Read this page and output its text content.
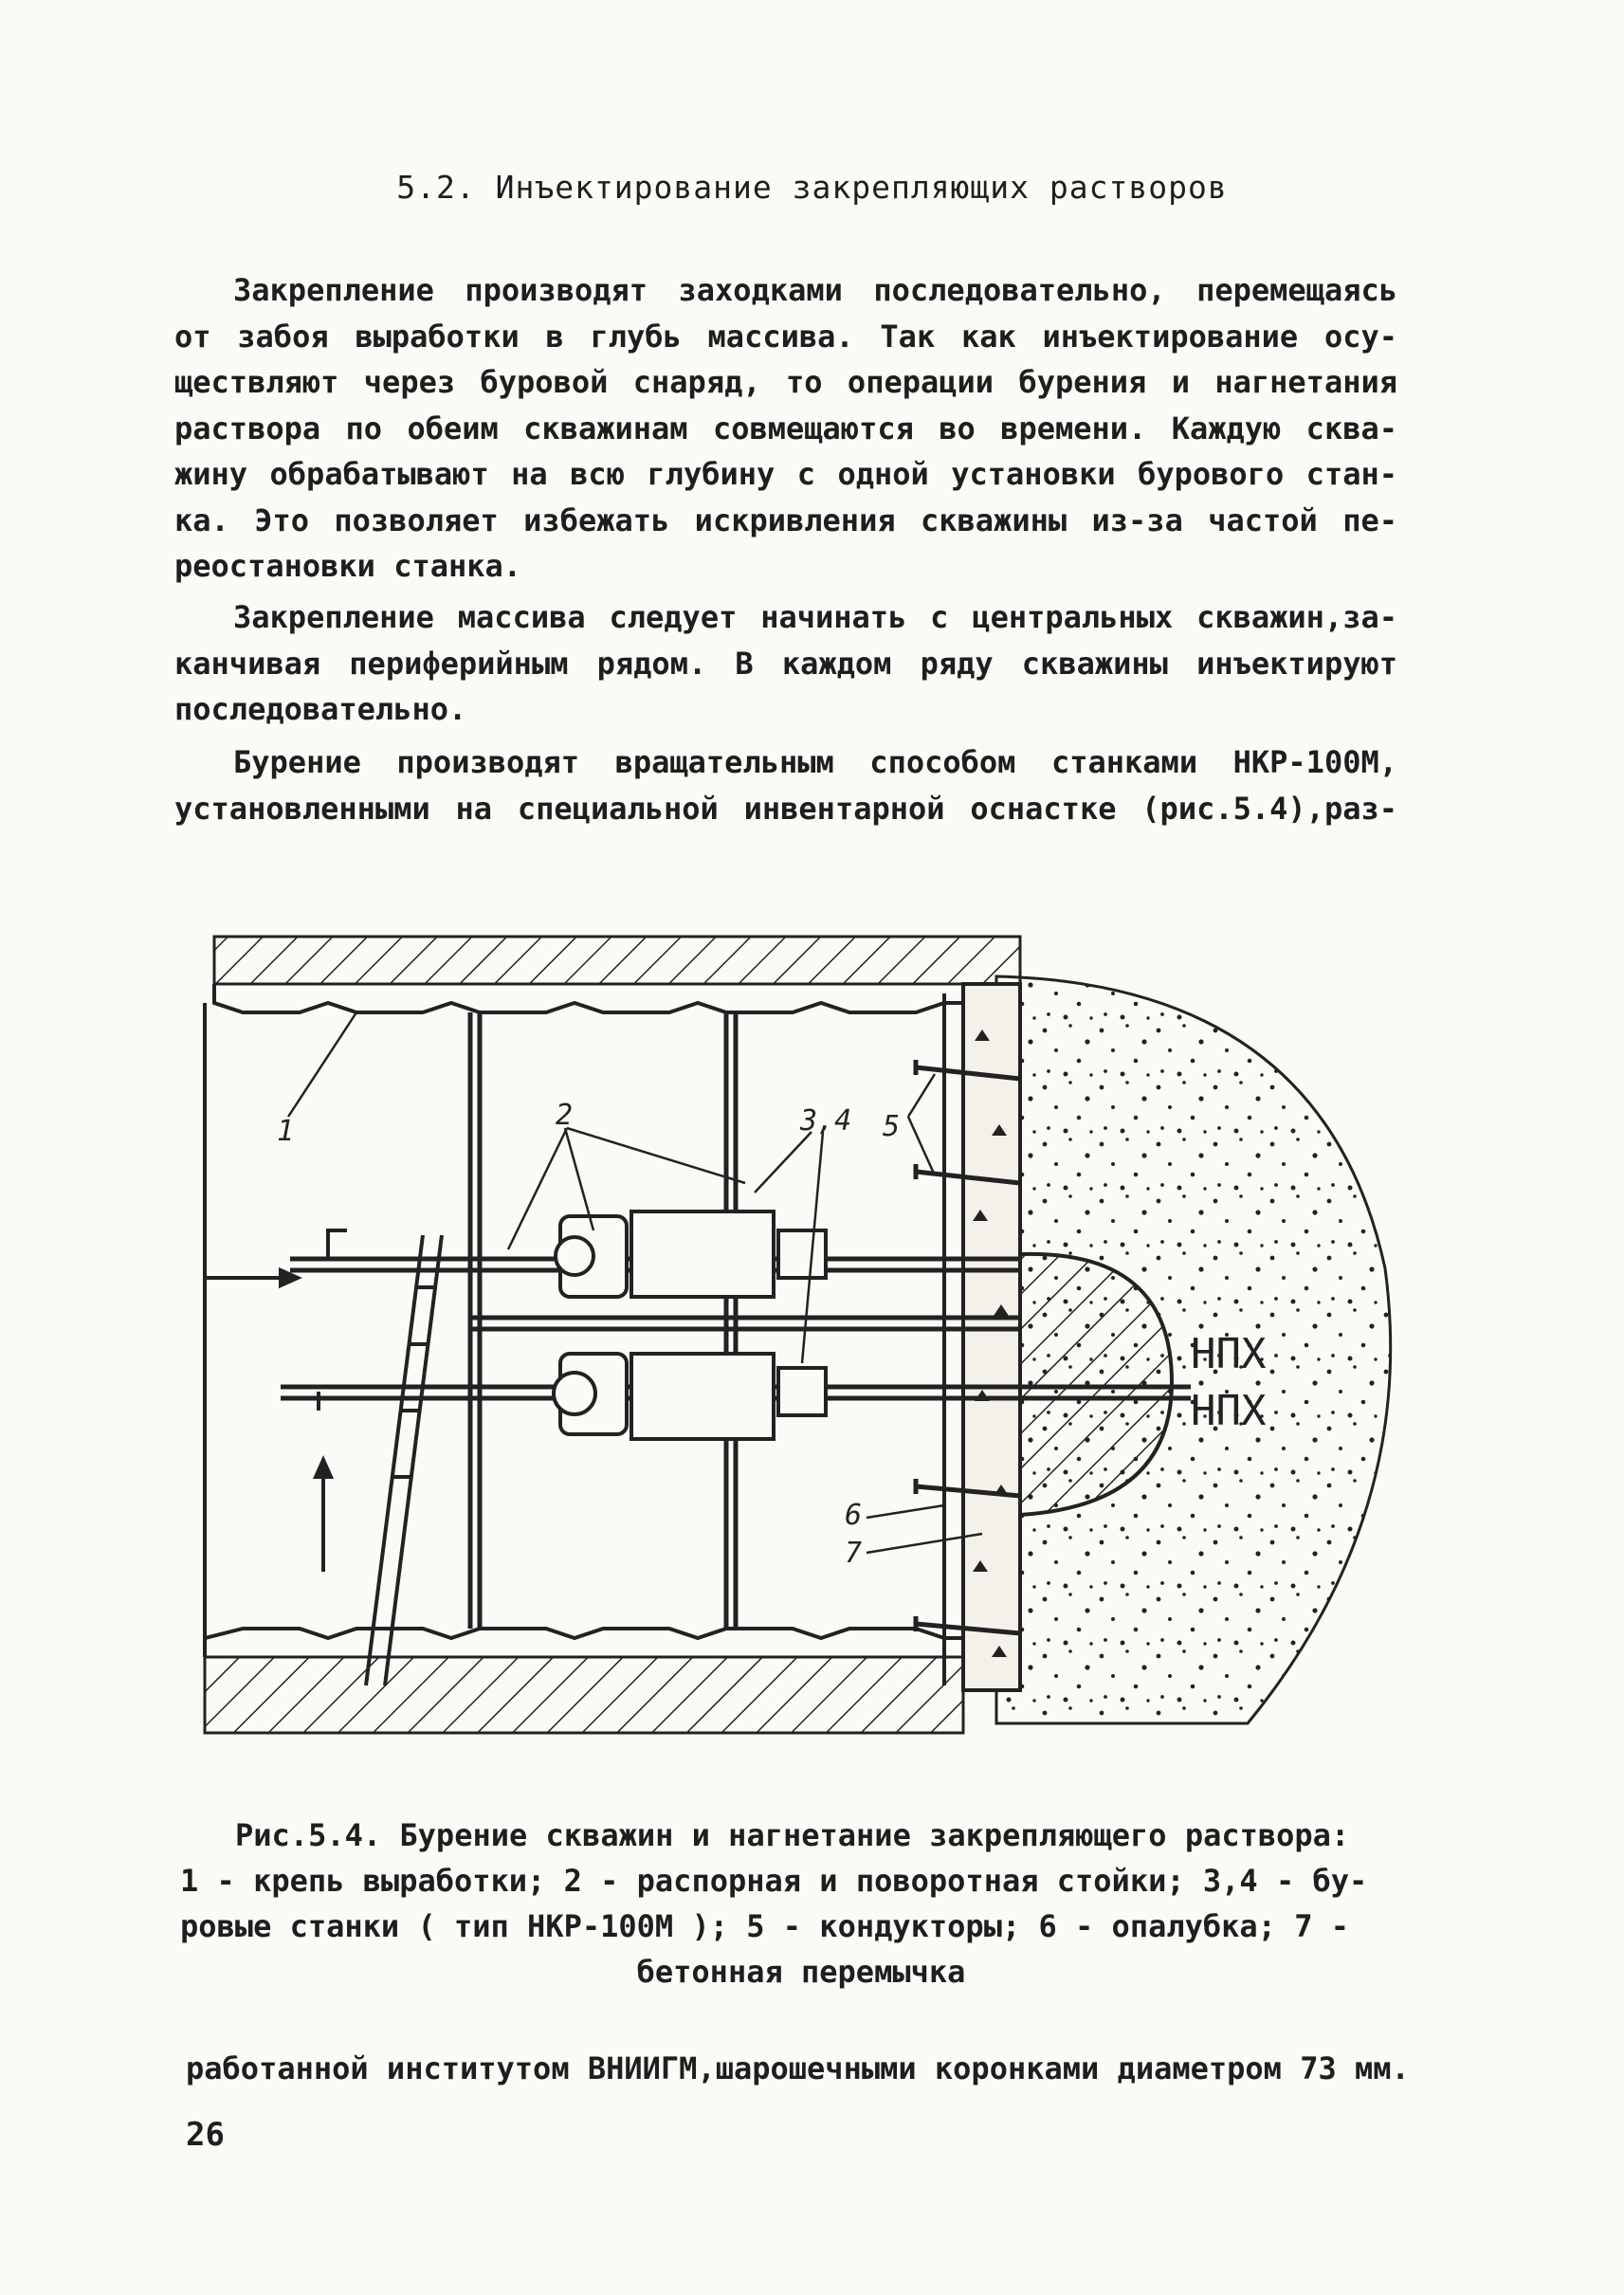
5.2. Инъектирование закрепляющих растворов
Закрепление производят заходками последовательно, перемещаясь
от забоя выработки в глубь массива. Так как инъектирование осу-
ществляют через буровой снаряд, то операции бурения и нагнетания
раствора по обеим скважинам совмещаются во времени. Каждую сква-
жину обрабатывают на всю глубину с одной установки бурового стан-
ка. Это позволяет избежать искривления скважины из-за частой пе-
реостановки станка.
Закрепление массива следует начинать с центральных скважин,за-
канчивая периферийным рядом. В каждом ряду скважины инъектируют
последовательно.
Бурение производят вращательным способом станками НКР-100М,
установленными на специальной инвентарной оснастке (рис.5.4),раз-
1	2	3,4 5
6
7
НПХ
НПХ
Рис.5.4. Бурение скважин и нагнетание закрепляющего раствора:
1 - крепь выработки; 2 - распорная и поворотная стойки; 3,4 - бу-
ровые станки ( тип НКР-100М ); 5 - кондукторы; 6 - опалубка; 7 -
бетонная перемычка
работанной институтом ВНИИГМ,шарошечными коронками диаметром 73 мм.
26
